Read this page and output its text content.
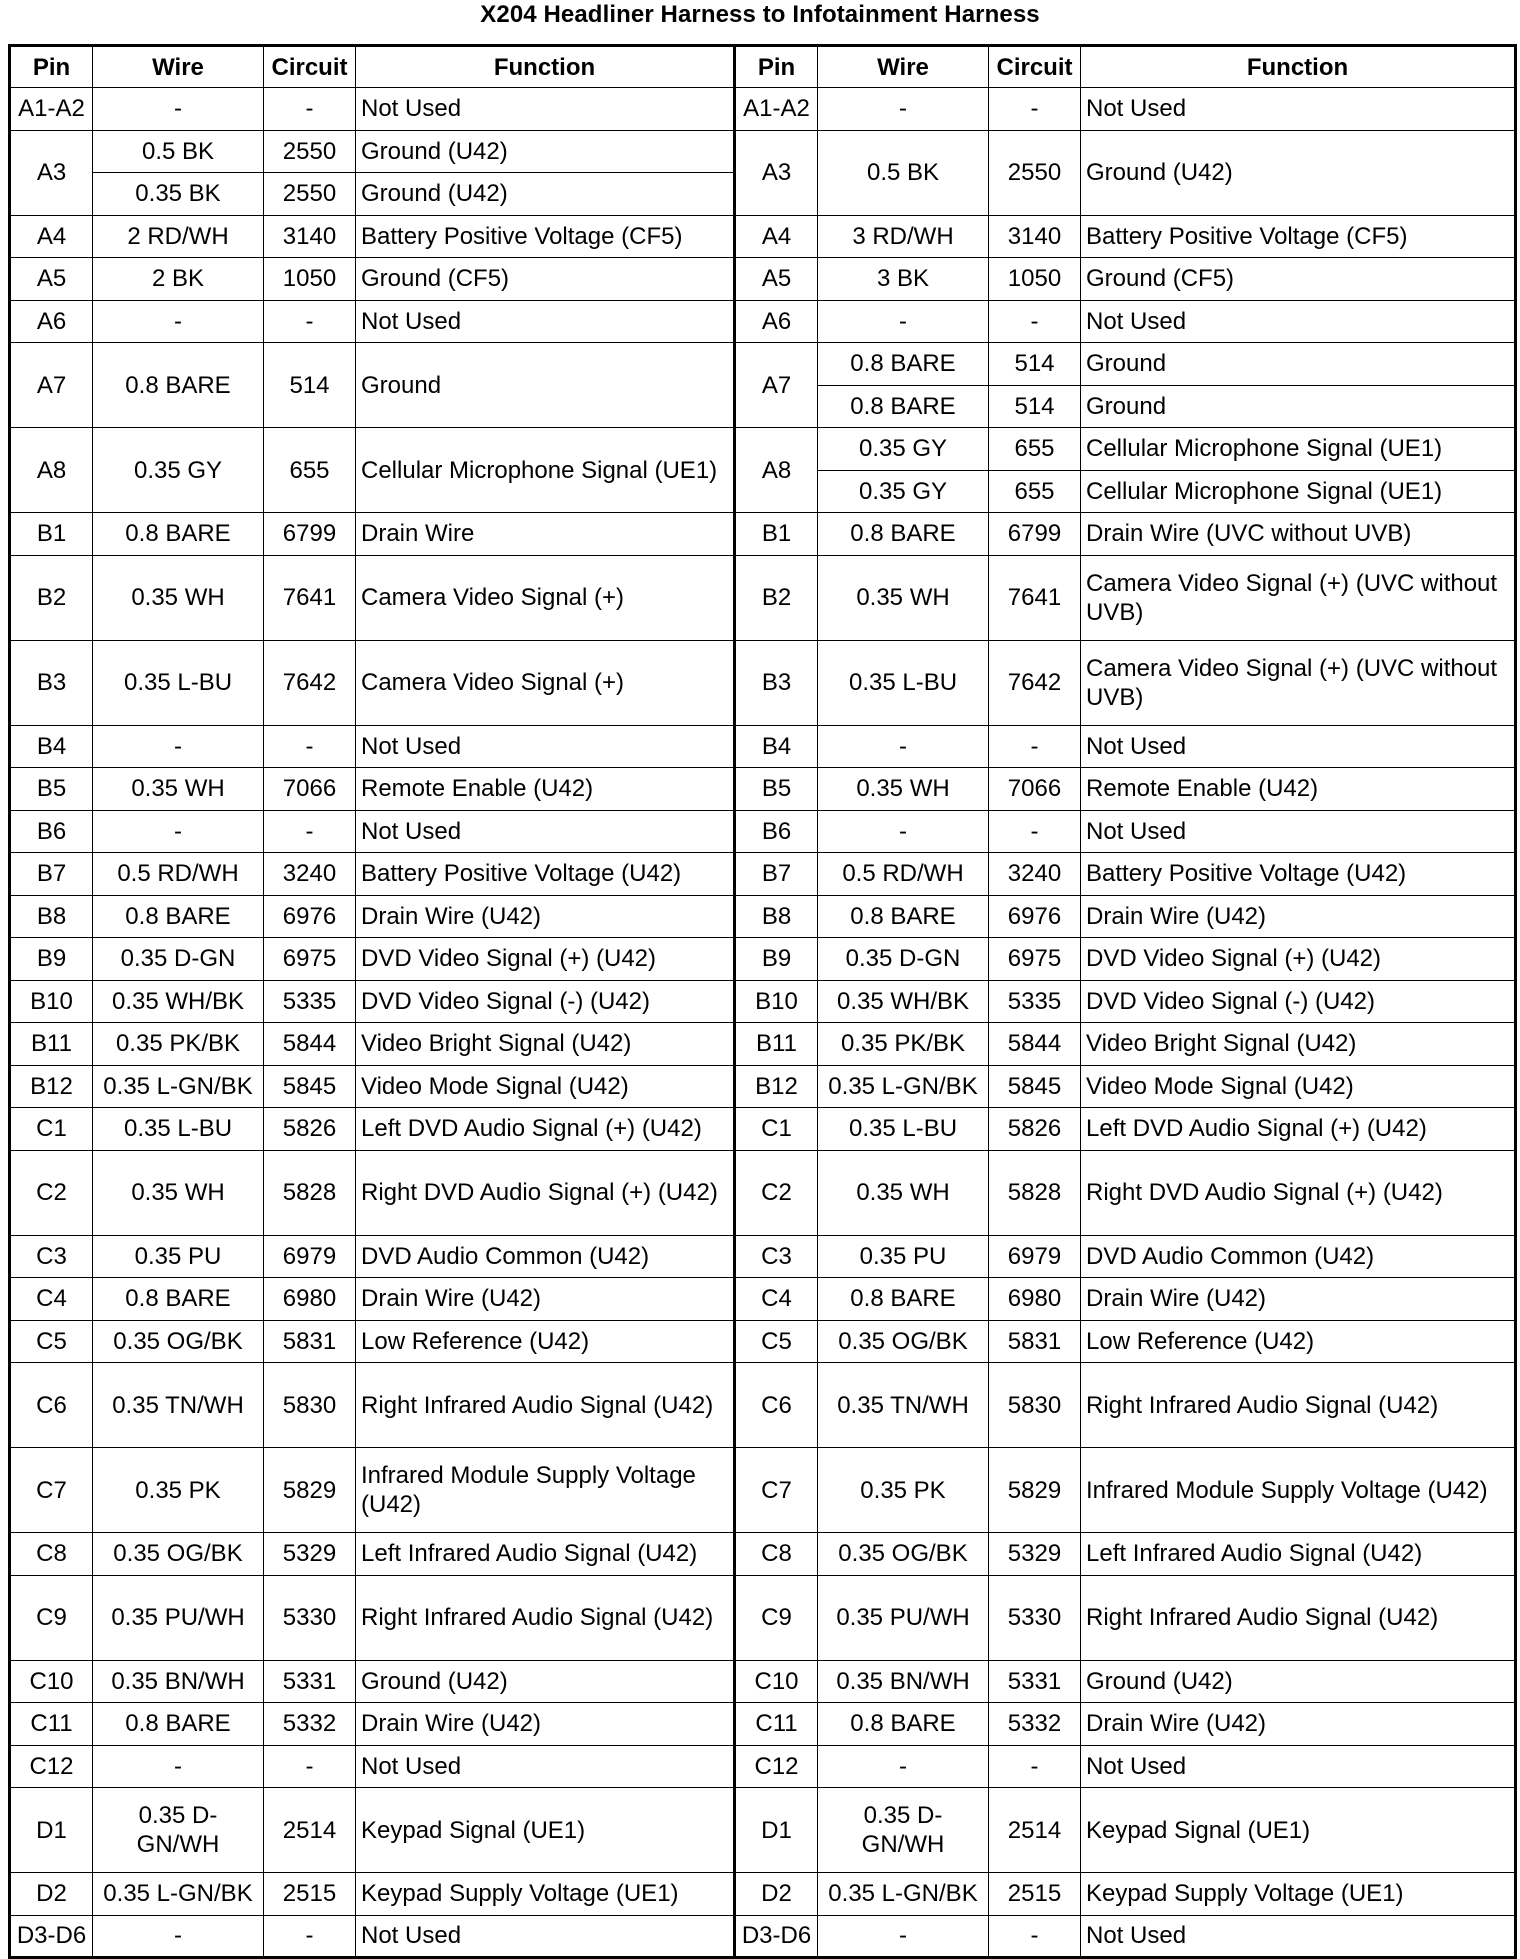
X204 Headliner Harness to Infotainment Harness
Pin	Wire	Circuit	Function	Pin	Wire	Circuit	Function
A1-A2	-	-	Not Used	A1-A2	-	-	Not Used
A3	0.5 BK	2550	Ground (U42)	A3	0.5 BK	2550	Ground (U42)
	0.35 BK	2550	Ground (U42)				
A4	2 RD/WH	3140	Battery Positive Voltage (CF5)	A4	3 RD/WH	3140	Battery Positive Voltage (CF5)
A5	2 BK	1050	Ground (CF5)	A5	3 BK	1050	Ground (CF5)
A6	-	-	Not Used	A6	-	-	Not Used
A7	0.8 BARE	514	Ground	A7	0.8 BARE	514	Ground
					0.8 BARE	514	Ground
A8	0.35 GY	655	Cellular Microphone Signal (UE1)	A8	0.35 GY	655	Cellular Microphone Signal (UE1)
					0.35 GY	655	Cellular Microphone Signal (UE1)
B1	0.8 BARE	6799	Drain Wire	B1	0.8 BARE	6799	Drain Wire (UVC without UVB)
B2	0.35 WH	7641	Camera Video Signal (+)	B2	0.35 WH	7641	Camera Video Signal (+) (UVC without UVB)
B3	0.35 L-BU	7642	Camera Video Signal (+)	B3	0.35 L-BU	7642	Camera Video Signal (+) (UVC without UVB)
B4	-	-	Not Used	B4	-	-	Not Used
B5	0.35 WH	7066	Remote Enable (U42)	B5	0.35 WH	7066	Remote Enable (U42)
B6	-	-	Not Used	B6	-	-	Not Used
B7	0.5 RD/WH	3240	Battery Positive Voltage (U42)	B7	0.5 RD/WH	3240	Battery Positive Voltage (U42)
B8	0.8 BARE	6976	Drain Wire (U42)	B8	0.8 BARE	6976	Drain Wire (U42)
B9	0.35 D-GN	6975	DVD Video Signal (+) (U42)	B9	0.35 D-GN	6975	DVD Video Signal (+) (U42)
B10	0.35 WH/BK	5335	DVD Video Signal (-) (U42)	B10	0.35 WH/BK	5335	DVD Video Signal (-) (U42)
B11	0.35 PK/BK	5844	Video Bright Signal (U42)	B11	0.35 PK/BK	5844	Video Bright Signal (U42)
B12	0.35 L-GN/BK	5845	Video Mode Signal (U42)	B12	0.35 L-GN/BK	5845	Video Mode Signal (U42)
C1	0.35 L-BU	5826	Left DVD Audio Signal (+) (U42)	C1	0.35 L-BU	5826	Left DVD Audio Signal (+) (U42)
C2	0.35 WH	5828	Right DVD Audio Signal (+) (U42)	C2	0.35 WH	5828	Right DVD Audio Signal (+) (U42)
C3	0.35 PU	6979	DVD Audio Common (U42)	C3	0.35 PU	6979	DVD Audio Common (U42)
C4	0.8 BARE	6980	Drain Wire (U42)	C4	0.8 BARE	6980	Drain Wire (U42)
C5	0.35 OG/BK	5831	Low Reference (U42)	C5	0.35 OG/BK	5831	Low Reference (U42)
C6	0.35 TN/WH	5830	Right Infrared Audio Signal (U42)	C6	0.35 TN/WH	5830	Right Infrared Audio Signal (U42)
C7	0.35 PK	5829	Infrared Module Supply Voltage (U42)	C7	0.35 PK	5829	Infrared Module Supply Voltage (U42)
C8	0.35 OG/BK	5329	Left Infrared Audio Signal (U42)	C8	0.35 OG/BK	5329	Left Infrared Audio Signal (U42)
C9	0.35 PU/WH	5330	Right Infrared Audio Signal (U42)	C9	0.35 PU/WH	5330	Right Infrared Audio Signal (U42)
C10	0.35 BN/WH	5331	Ground (U42)	C10	0.35 BN/WH	5331	Ground (U42)
C11	0.8 BARE	5332	Drain Wire (U42)	C11	0.8 BARE	5332	Drain Wire (U42)
C12	-	-	Not Used	C12	-	-	Not Used
D1	0.35 D-GN/WH	2514	Keypad Signal (UE1)	D1	0.35 D-GN/WH	2514	Keypad Signal (UE1)
D2	0.35 L-GN/BK	2515	Keypad Supply Voltage (UE1)	D2	0.35 L-GN/BK	2515	Keypad Supply Voltage (UE1)
D3-D6	-	-	Not Used	D3-D6	-	-	Not Used
